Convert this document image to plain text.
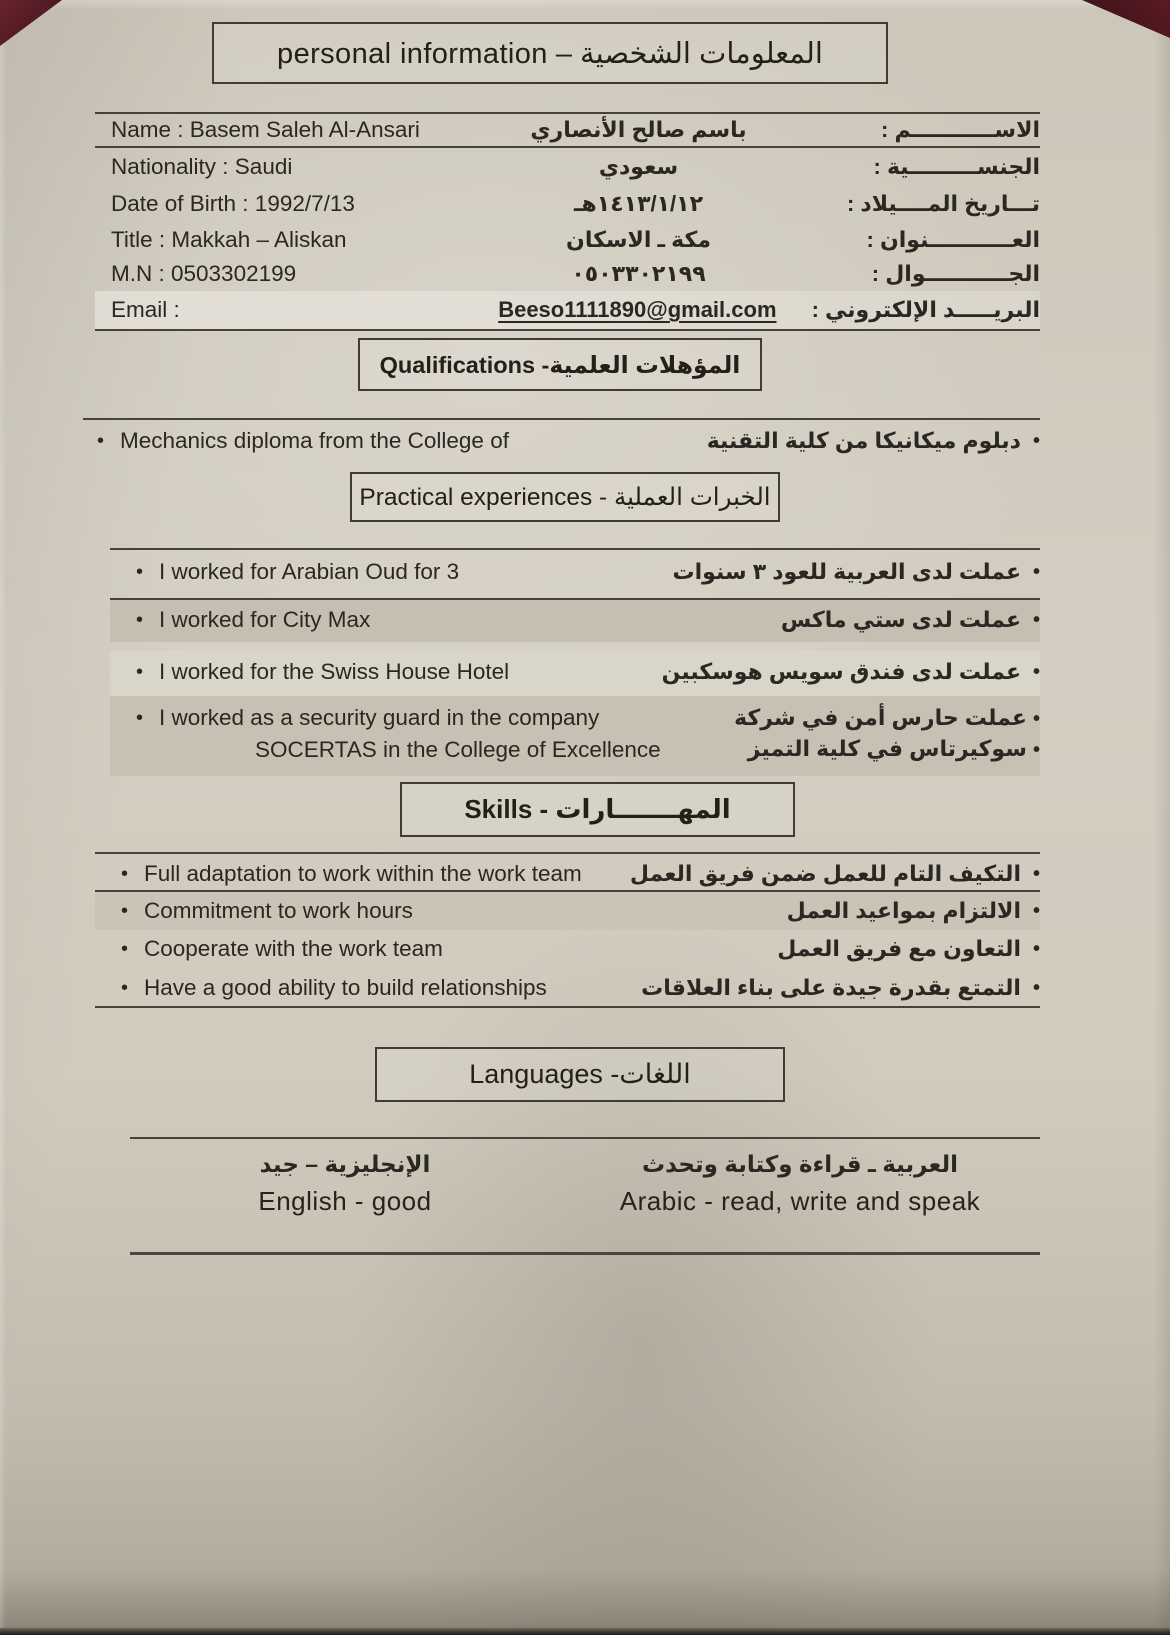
المعلومات الشخصية – personal information
Name : Basem Saleh Al-Ansari	باسم صالح الأنصاري	الاســـــــــــم :
Nationality : Saudi	سعودي	الجنســـــــــية :
Date of Birth : 1992/7/13	١٤١٣/١/١٢هـ	تـــاريخ المــــيلاد :
Title : Makkah – Aliskan	مكة ـ الاسكان	العـــــــــــنوان :
M.N : 0503302199	٠٥٠٣٣٠٢١٩٩	الجـــــــــــوال :
Email :	Beeso1111890@gmail.com	البريـــــد الإلكتروني :
المؤهلات العلمية- Qualifications
• Mechanics diploma from the College of	•
دبلوم ميكانيكا من كلية التقنية
الخبرات العملية - Practical experiences
• I worked for Arabian Oud for 3	•
عملت لدى العربية للعود ٣ سنوات
• I worked for City Max	•
عملت لدى ستي ماكس
• I worked for the Swiss House Hotel	•
عملت لدى فندق سويس هوسكبين
• I worked as a security guard in the company
SOCERTAS in the College of Excellence
• عملت حارس أمن في شركة
• سوكيرتاس في كلية التميز
المهـــــــارات - Skills
• Full adaptation to work within the work team	•
التكيف التام للعمل ضمن فريق العمل
• Commitment to work hours	•
الالتزام بمواعيد العمل
• Cooperate with the work team	•
التعاون مع فريق العمل
• Have a good ability to build relationships	•
التمتع بقدرة جيدة على بناء العلاقات
اللغات- Languages
الإنجليزية – جيد
English - good
العربية ـ قراءة وكتابة وتحدث
Arabic - read, write and speak
